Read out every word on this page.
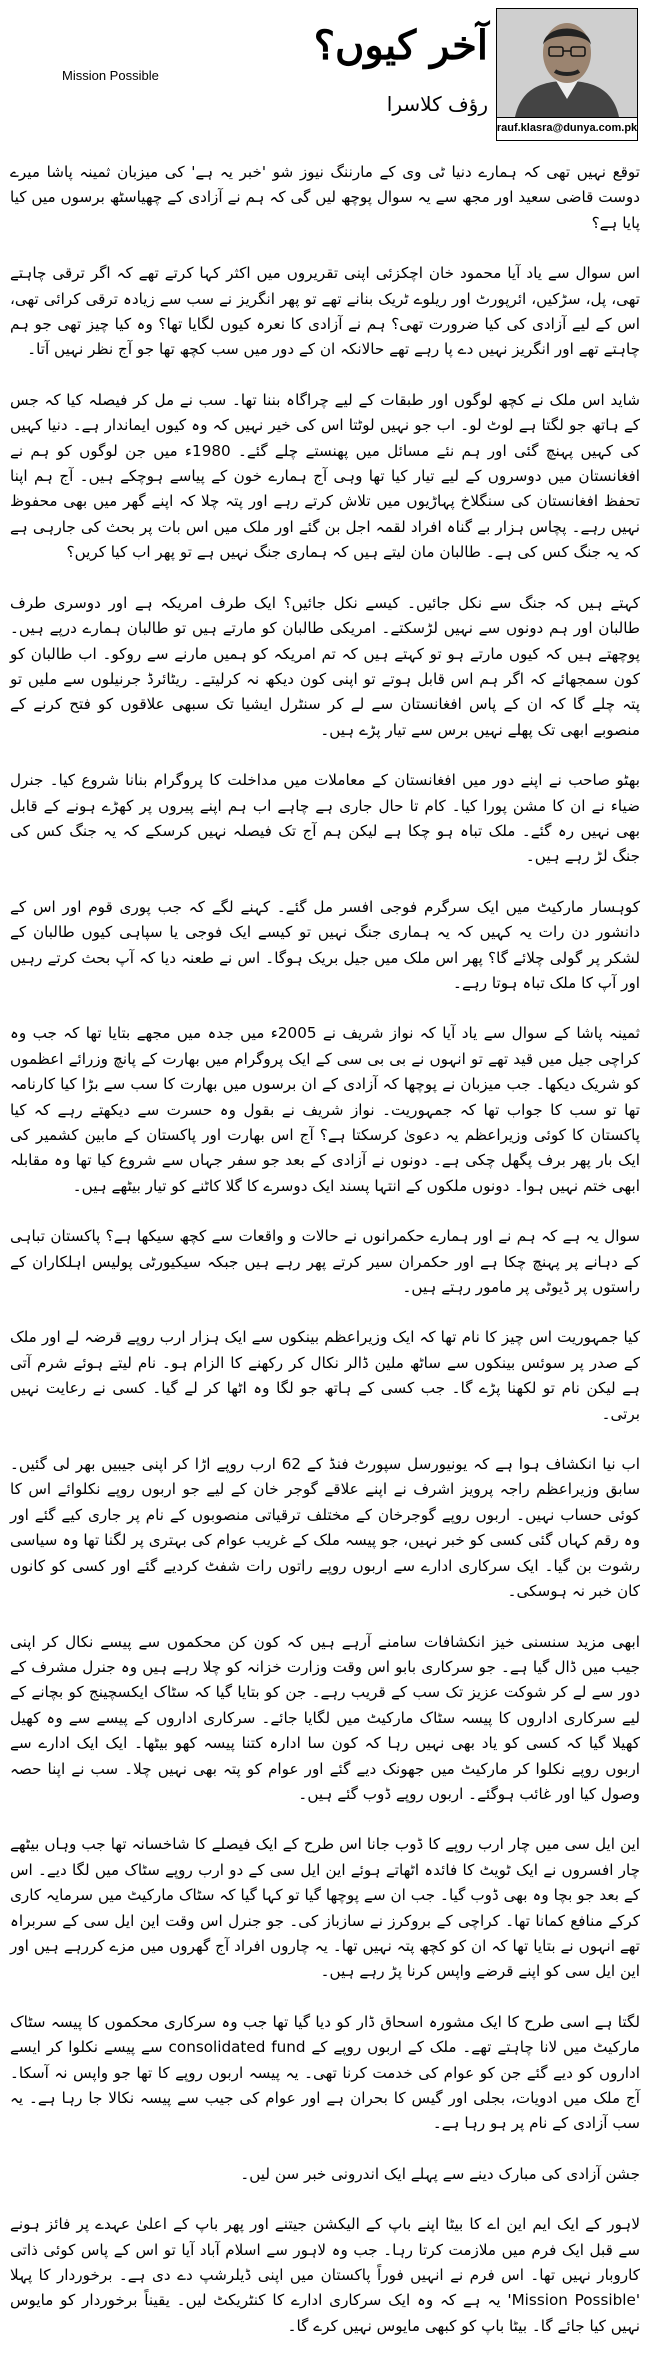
آخر کیوں؟
رؤف کلاسرا
rauf.klasra@dunya.com.pk
Mission Possible

توقع نہیں تھی کہ ہمارے دنیا ٹی وی کے مارننگ نیوز شو 'خبر یہ ہے' کی میزبان ثمینہ پاشا میرے دوست قاضی سعید اور مجھ سے یہ سوال پوچھ لیں گی کہ ہم نے آزادی کے چھیاسٹھ برسوں میں کیا پایا ہے؟

اس سوال سے یاد آیا محمود خان اچکزئی اپنی تقریروں میں اکثر کہا کرتے تھے کہ اگر ترقی چاہتے تھی، پل، سڑکیں، ائرپورٹ اور ریلوے ٹریک بنانے تھے تو پھر انگریز نے سب سے زیادہ ترقی کرائی تھی، اس کے لیے آزادی کی کیا ضرورت تھی؟ ہم نے آزادی کا نعرہ کیوں لگایا تھا؟ وہ کیا چیز تھی جو ہم چاہتے تھے اور انگریز نہیں دے پا رہے تھے حالانکہ ان کے دور میں سب کچھ تھا جو آج نظر نہیں آتا۔

شاید اس ملک نے کچھ لوگوں اور طبقات کے لیے چراگاہ بننا تھا۔ سب نے مل کر فیصلہ کیا کہ جس کے ہاتھ جو لگتا ہے لوٹ لو۔ اب جو نہیں لوٹتا اس کی خیر نہیں کہ وہ کیوں ایماندار ہے۔ دنیا کہیں کی کہیں پہنچ گئی اور ہم نئے مسائل میں پھنستے چلے گئے۔ 1980ء میں جن لوگوں کو ہم نے افغانستان میں دوسروں کے لیے تیار کیا تھا وہی آج ہمارے خون کے پیاسے ہوچکے ہیں۔ آج ہم اپنا تحفظ افغانستان کی سنگلاخ پہاڑیوں میں تلاش کرتے رہے اور پتہ چلا کہ اپنے گھر میں بھی محفوظ نہیں رہے۔ پچاس ہزار بے گناہ افراد لقمہ اجل بن گئے اور ملک میں اس بات پر بحث کی جارہی ہے کہ یہ جنگ کس کی ہے۔ طالبان مان لیتے ہیں کہ ہماری جنگ نہیں ہے تو پھر اب کیا کریں؟

کہتے ہیں کہ جنگ سے نکل جائیں۔ کیسے نکل جائیں؟ ایک طرف امریکہ ہے اور دوسری طرف طالبان اور ہم دونوں سے نہیں لڑسکتے۔ امریکی طالبان کو مارتے ہیں تو طالبان ہمارے درپے ہیں۔ پوچھتے ہیں کہ کیوں مارتے ہو تو کہتے ہیں کہ تم امریکہ کو ہمیں مارنے سے روکو۔ اب طالبان کو کون سمجھائے کہ اگر ہم اس قابل ہوتے تو اپنی کون دیکھ نہ کرلیتے۔ ریٹائرڈ جرنیلوں سے ملیں تو پتہ چلے گا کہ ان کے پاس افغانستان سے لے کر سنٹرل ایشیا تک سبھی علاقوں کو فتح کرنے کے منصوبے ابھی تک پھلے نہیں برس سے تیار پڑے ہیں۔

بھٹو صاحب نے اپنے دور میں افغانستان کے معاملات میں مداخلت کا پروگرام بنانا شروع کیا۔ جنرل ضیاء نے ان کا مشن پورا کیا۔ کام تا حال جاری ہے چاہے اب ہم اپنے پیروں پر کھڑے ہونے کے قابل بھی نہیں رہ گئے۔ ملک تباہ ہو چکا ہے لیکن ہم آج تک فیصلہ نہیں کرسکے کہ یہ جنگ کس کی جنگ لڑ رہے ہیں۔

کوہسار مارکیٹ میں ایک سرگرم فوجی افسر مل گئے۔ کہنے لگے کہ جب پوری قوم اور اس کے دانشور دن رات یہ کہیں کہ یہ ہماری جنگ نہیں تو کیسے ایک فوجی یا سپاہی کیوں طالبان کے لشکر پر گولی چلائے گا؟ پھر اس ملک میں جیل بریک ہوگا۔ اس نے طعنہ دیا کہ آپ بحث کرتے رہیں اور آپ کا ملک تباہ ہوتا رہے۔

ثمینہ پاشا کے سوال سے یاد آیا کہ نواز شریف نے 2005ء میں جدہ میں مجھے بتایا تھا کہ جب وہ کراچی جیل میں قید تھے تو انہوں نے بی بی سی کے ایک پروگرام میں بھارت کے پانچ وزرائے اعظموں کو شریک دیکھا۔ جب میزبان نے پوچھا کہ آزادی کے ان برسوں میں بھارت کا سب سے بڑا کیا کارنامہ تھا تو سب کا جواب تھا کہ جمہوریت۔ نواز شریف نے بقول وہ حسرت سے دیکھتے رہے کہ کیا پاکستان کا کوئی وزیراعظم یہ دعویٰ کرسکتا ہے؟ آج اس بھارت اور پاکستان کے مابین کشمیر کی ایک بار پھر برف پگھل چکی ہے۔ دونوں نے آزادی کے بعد جو سفر جہاں سے شروع کیا تھا وہ مقابلہ ابھی ختم نہیں ہوا۔ دونوں ملکوں کے انتہا پسند ایک دوسرے کا گلا کاٹنے کو تیار بیٹھے ہیں۔

سوال یہ ہے کہ ہم نے اور ہمارے حکمرانوں نے حالات و واقعات سے کچھ سیکھا ہے؟ پاکستان تباہی کے دہانے پر پہنچ چکا ہے اور حکمران سیر کرتے پھر رہے ہیں جبکہ سیکیورٹی پولیس اہلکاران کے راستوں پر ڈیوٹی پر مامور رہتے ہیں۔

کیا جمہوریت اس چیز کا نام تھا کہ ایک وزیراعظم بینکوں سے ایک ہزار ارب روپے قرضہ لے اور ملک کے صدر پر سوئس بینکوں سے ساٹھ ملین ڈالر نکال کر رکھنے کا الزام ہو۔ نام لیتے ہوئے شرم آتی ہے لیکن نام تو لکھنا پڑے گا۔ جب کسی کے ہاتھ جو لگا وہ اٹھا کر لے گیا۔ کسی نے رعایت نہیں برتی۔

اب نیا انکشاف ہوا ہے کہ یونیورسل سپورٹ فنڈ کے 62 ارب روپے اڑا کر اپنی جیبیں بھر لی گئیں۔ سابق وزیراعظم راجہ پرویز اشرف نے اپنے علاقے گوجر خان کے لیے جو اربوں روپے نکلوائے اس کا کوئی حساب نہیں۔ اربوں روپے گوجرخان کے مختلف ترقیاتی منصوبوں کے نام پر جاری کیے گئے اور وہ رقم کہاں گئی کسی کو خبر نہیں، جو پیسہ ملک کے غریب عوام کی بہتری پر لگنا تھا وہ سیاسی رشوت بن گیا۔ ایک سرکاری ادارے سے اربوں روپے راتوں رات شفٹ کردیے گئے اور کسی کو کانوں کان خبر نہ ہوسکی۔

ابھی مزید سنسنی خیز انکشافات سامنے آرہے ہیں کہ کون کن محکموں سے پیسے نکال کر اپنی جیب میں ڈال گیا ہے۔ جو سرکاری بابو اس وقت وزارت خزانہ کو چلا رہے ہیں وہ جنرل مشرف کے دور سے لے کر شوکت عزیز تک سب کے قریب رہے۔ جن کو بتایا گیا کہ سٹاک ایکسچینج کو بچانے کے لیے سرکاری اداروں کا پیسہ سٹاک مارکیٹ میں لگایا جائے۔ سرکاری اداروں کے پیسے سے وہ کھیل کھیلا گیا کہ کسی کو یاد بھی نہیں رہا کہ کون سا ادارہ کتنا پیسہ کھو بیٹھا۔ ایک ایک ادارے سے اربوں روپے نکلوا کر مارکیٹ میں جھونک دیے گئے اور عوام کو پتہ بھی نہیں چلا۔ سب نے اپنا حصہ وصول کیا اور غائب ہوگئے۔ اربوں روپے ڈوب گئے ہیں۔

این ایل سی میں چار ارب روپے کا ڈوب جانا اس طرح کے ایک فیصلے کا شاخسانہ تھا جب وہاں بیٹھے چار افسروں نے ایک ٹویٹ کا فائدہ اٹھاتے ہوئے این ایل سی کے دو ارب روپے سٹاک میں لگا دیے۔ اس کے بعد جو بچا وہ بھی ڈوب گیا۔ جب ان سے پوچھا گیا تو کہا گیا کہ سٹاک مارکیٹ میں سرمایہ کاری کرکے منافع کمانا تھا۔ کراچی کے بروکرز نے سازباز کی۔ جو جنرل اس وقت این ایل سی کے سربراہ تھے انہوں نے بتایا تھا کہ ان کو کچھ پتہ نہیں تھا۔ یہ چاروں افراد آج گھروں میں مزے کررہے ہیں اور این ایل سی کو اپنے قرضے واپس کرنا پڑ رہے ہیں۔

لگتا ہے اسی طرح کا ایک مشورہ اسحاق ڈار کو دیا گیا تھا جب وہ سرکاری محکموں کا پیسہ سٹاک مارکیٹ میں لانا چاہتے تھے۔ ملک کے اربوں روپے کے consolidated fund سے پیسے نکلوا کر ایسے اداروں کو دیے گئے جن کو عوام کی خدمت کرنا تھی۔ یہ پیسہ اربوں روپے کا تھا جو واپس نہ آسکا۔ آج ملک میں ادویات، بجلی اور گیس کا بحران ہے اور عوام کی جیب سے پیسہ نکالا جا رہا ہے۔ یہ سب آزادی کے نام پر ہو رہا ہے۔

جشن آزادی کی مبارک دینے سے پہلے ایک اندرونی خبر سن لیں۔

لاہور کے ایک ایم این اے کا بیٹا اپنے باپ کے الیکشن جیتنے اور پھر باپ کے اعلیٰ عہدے پر فائز ہونے سے قبل ایک فرم میں ملازمت کرتا رہا۔ جب وہ لاہور سے اسلام آباد آیا تو اس کے پاس کوئی ذاتی کاروبار نہیں تھا۔ اس فرم نے انہیں فوراً پاکستان میں اپنی ڈیلرشپ دے دی ہے۔ برخوردار کا پہلا 'Mission Possible' یہ ہے کہ وہ ایک سرکاری ادارے کا کنٹریکٹ لیں۔ یقیناً برخوردار کو مایوس نہیں کیا جائے گا۔ بیٹا باپ کو کبھی مایوس نہیں کرے گا۔
